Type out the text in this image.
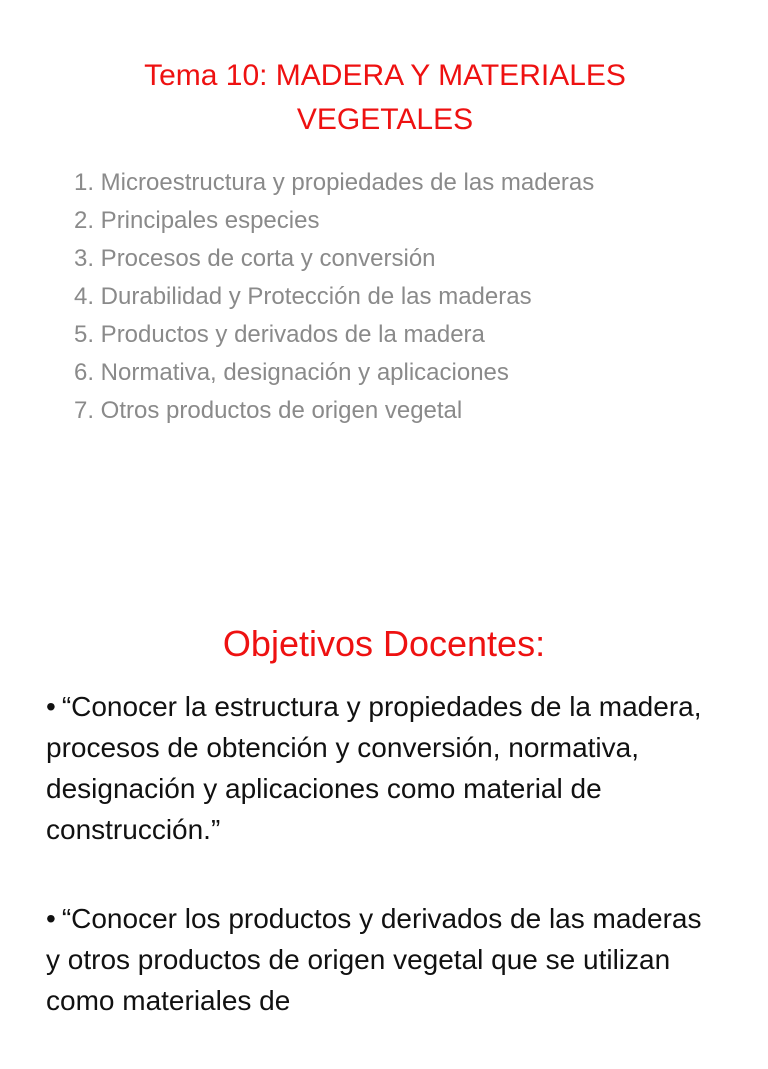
Tema 10: MADERA Y MATERIALES
VEGETALES
1. Microestructura y propiedades de las maderas
2. Principales especies
3. Procesos de corta y conversión
4. Durabilidad y Protección de las maderas
5. Productos y derivados de la madera
6. Normativa, designación y aplicaciones
7. Otros productos de origen vegetal
Objetivos Docentes:
• “Conocer la estructura y propiedades de la madera, procesos de obtención y conversión, normativa, designación y aplicaciones como material de construcción.”
• “Conocer los productos y derivados de las maderas y otros productos de origen vegetal que se utilizan como materiales de
